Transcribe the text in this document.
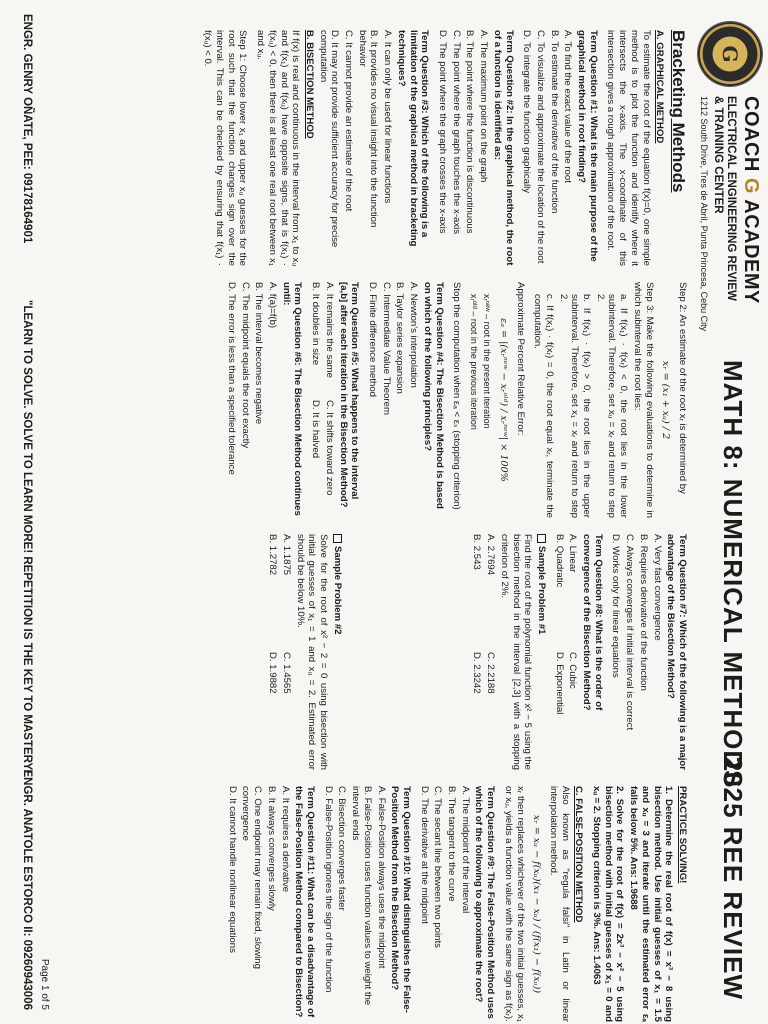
G
COACH G ACADEMY
ELECTRICAL ENGINEERING REVIEW
& TRAINING CENTER
1212 South Drive, Tres de Abril, Punta Princesa, Cebu City
MATH 8: NUMERICAL METHODS
2025 REE REVIEW

Bracketing Methods

A. GRAPHICAL METHOD

To estimate the root of the equation f(x)=0, one simple method is to plot the function and identify where it intersects the x-axis. The x-coordinate of this intersection gives a rough approximation of the root.

Term Question #1: What is the main purpose of the graphical method in root finding?

A. To find the exact value of the root

B. To estimate the derivative of the function

C. To visualize and approximate the location of the root

D. To integrate the function graphically

Term Question #2: In the graphical method, the root of a function is identified as:

A. The maximum point on the graph

B. The point where the function is discontinuous

C. The point where the graph touches the x-axis

D. The point where the graph crosses the x-axis

Term Question #3: Which of the following is a limitation of the graphical method in bracketing techniques?

A. It can only be used for linear functions

B. It provides no visual insight into the function behavior

C. It cannot provide an estimate of the root

D. It may not provide sufficient accuracy for precise computation

B. BISECTION METHOD

If f(x) is real and continuous in the interval from x₁ to xᵤ and f(x₁) and f(xᵤ) have opposite signs, that is f(x₁) · f(xᵤ) < 0, then there is at least one real root between x₁ and xᵤ.

Step 1: Choose lower x₁ and upper xᵤ guesses for the root such that the function changes sign over the interval. This can be checked by ensuring that f(x₁) · f(xᵤ) < 0.

Step 2: An estimate of the root xᵣ is determined by

xᵣ = (x₁ + xᵤ) / 2

Step 3: Make the following evaluations to determine in which subinterval the root lies:

a. If f(x₁) · f(xᵣ) < 0, the root lies in the lower subinterval. Therefore, set xᵤ = xᵣ and return to step 2.

b. If f(x₁) · f(xᵣ) > 0, the root lies in the upper subinterval. Therefore, set x₁ = xᵣ and return to step 2.

c. If f(x₁) · f(xᵣ) = 0, the root equal xᵣ, terminate the computation.

Approximate Percent Relative Error:

εₐ = |(xᵣⁿᵉʷ − xᵣᵒˡᵈ) / xᵣⁿᵉʷ| × 100%

xᵣⁿᵉʷ – root in the present iteration

xᵣᵒˡᵈ – root in the previous iteration

Stop the computation when εₐ < εₛ (stopping criterion)

Term Question #4: The Bisection Method is based on which of the following principles?

A. Newton's interpolation

B. Taylor series expansion

C. Intermediate Value Theorem

D. Finite difference method

Term Question #5: What happens to the interval [a,b] after each iteration in the Bisection Method?

A. It remains the same
C. It shifts toward zero

B. It doubles in size
D. It is halved

Term Question #6: The Bisection Method continues until:

A. f(a)=f(b)

B. The interval becomes negative

C. The midpoint equals the root exactly

D. The error is less than a specified tolerance

Term Question #7: Which of the following is a major advantage of the Bisection Method?

A. Very fast convergence

B. Requires derivative of the function

C. Always converges if initial interval is correct

D. Works only for linear equations

Term Question #8: What is the order of convergence of the Bisection Method?

A. Linear
C. Cubic

B. Quadratic
D. Exponential

Sample Problem #1

Find the root of the polynomial function x² − 5 using the bisection method in the interval [2,3] with a stopping criterion of 2%.

A. 2.7694
C. 2.2188

B. 2.543
D. 2.3242

Sample Problem #2

Solve for the root of x² − 2 = 0 using bisection with initial guesses of x₁ = 1 and xᵤ = 2. Estimated error should be below 10%.

A. 1.1875
C. 1.4565

B. 1.2782
D. 1.9882

PRACTICE SOLVING!

1. Determine the real root of f(x) = x³ − 8 using bisection method. Use initial guesses of x₁ = 1.5 and xᵤ = 3 and iterate until the estimated error εₐ falls below 5%. Ans: 1.9688

2. Solve for the root of f(x) = 2x³ − x² − 5 using bisection method with initial guesses of x₁ = 0 and xᵤ = 2. Stopping criterion is 3%. Ans: 1.4063

C. FALSE-POSITION METHOD

Also known as "regula falsi" in Latin or linear interpolation method.

xᵣ = xᵤ − f(xᵤ)(x₁ − xᵤ) / (f(x₁) − f(xᵤ))

xᵣ then replaces whichever of the two initial guesses, x₁ or xᵤ, yields a function value with the same sign as f(xᵣ).

Term Question #9: The False-Position Method uses which of the following to approximate the root?

A. The midpoint of the interval

B. The tangent to the curve

C. The secant line between two points

D. The derivative at the midpoint

Term Question #10: What distinguishes the False-Position Method from the Bisection Method?

A. False-Position always uses the midpoint

B. False-Position uses function values to weight the interval ends

C. Bisection converges faster

D. False-Position ignores the sign of the function

Term Question #11: What can be a disadvantage of the False-Position Method compared to Bisection?

A. It requires a derivative

B. It always converges slowly

C. One endpoint may remain fixed, slowing convergence

D. It cannot handle nonlinear equations

Page 1 of 5
ENGR. GENRY OÑATE, PEE: 09178164901
"LEARN TO SOLVE. SOLVE TO LEARN MORE! REPETITION IS THE KEY TO MASTERY!
ENGR. ANATOLE ESTORCO II: 09260943006
